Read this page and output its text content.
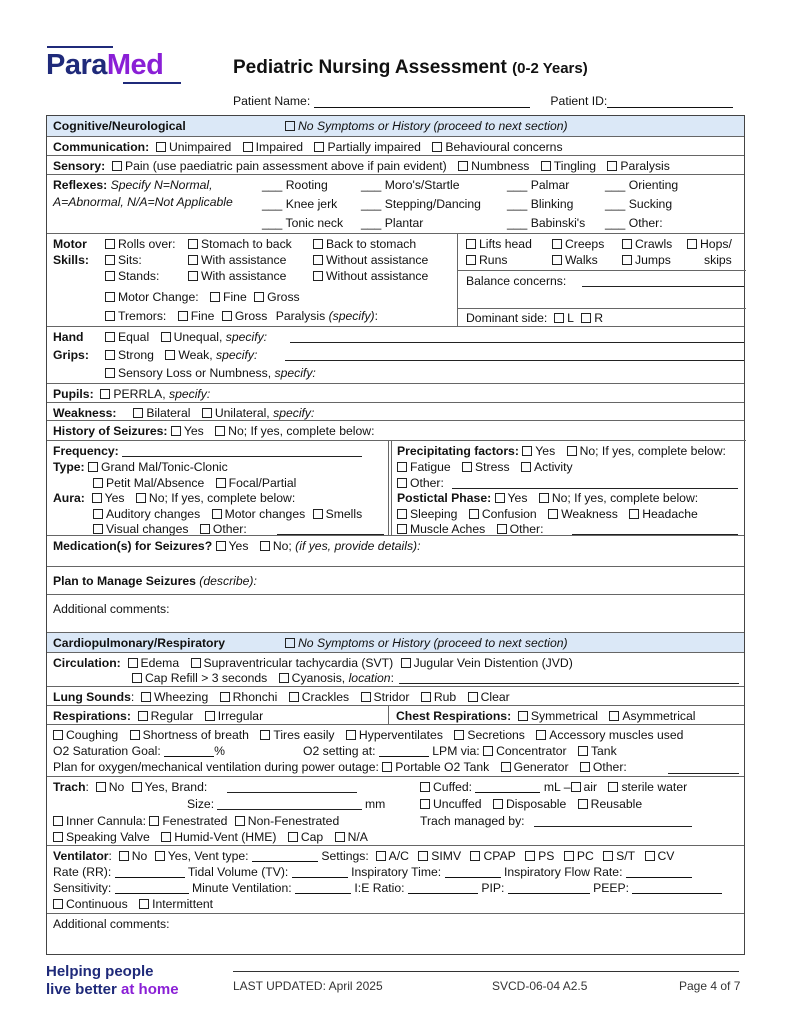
ParaMed	Pediatric Nursing Assessment (0-2 Years)
Patient Name:	Patient ID:
Cognitive/Neurological	No Symptoms or History (proceed to next section)
Communication: Unimpaired Impaired Partially impaired Behavioural concerns
Sensory: Pain (use paediatric pain assessment above if pain evident) Numbness Tingling Paralysis
Reflexes: Specify N=Normal,
A=Abnormal, N/A=Not Applicable
___ Rooting	___ Moro's/Startle	___ Palmar	___ Orienting
___ Knee jerk ___ Stepping/Dancing ___ Blinking	___ Sucking
___ Tonic neck ___ Plantar	___ Babinski's ___ Other:
Motor
Skills:
Rolls over:	Stomach to back	Back to stomach
Sits:	With assistance	Without assistance
Stands:	With assistance	Without assistance
Motor Change: Fine Gross
Tremors: Fine Gross Paralysis (specify):
Lifts head	Creeps	Crawls	Hops/
Runs	Walks	Jumps	skips
Balance concerns:
Dominant side: L R
Hand
Grips:
Equal Unequal, specify:
Strong Weak, specify:
Sensory Loss or Numbness, specify:
Pupils: PERRLA, specify:
Weakness: Bilateral Unilateral, specify:
History of Seizures: Yes No; If yes, complete below:
Frequency:
Type: Grand Mal/Tonic-Clonic
Petit Mal/Absence Focal/Partial
Aura: Yes No; If yes, complete below:
Auditory changes Motor changes Smells
Visual changes Other:
Precipitating factors: Yes No; If yes, complete below:
Fatigue Stress Activity
Other:
Postictal Phase: Yes No; If yes, complete below:
Sleeping Confusion Weakness Headache
Muscle Aches Other:
Medication(s) for Seizures? Yes No; (if yes, provide details):
Plan to Manage Seizures (describe):
Additional comments:
Cardiopulmonary/Respiratory	No Symptoms or History (proceed to next section)
Circulation: Edema Supraventricular tachycardia (SVT) Jugular Vein Distention (JVD)
Cap Refill > 3 seconds Cyanosis, location:
Lung Sounds:  Wheezing Rhonchi Crackles Stridor Rub Clear
Respirations: Regular Irregular	Chest Respirations: Symmetrical Asymmetrical
Coughing Shortness of breath Tires easily Hyperventilates Secretions Accessory muscles used
O2 Saturation Goal:	%	O2 setting at:	LPM via: Concentrator Tank
Plan for oxygen/mechanical ventilation during power outage: Portable O2 Tank Generator Other:
Trach:  No Yes, Brand:
Size:	mm
Cuffed:	mL – air sterile water
Uncuffed Disposable Reusable
Inner Cannula: Fenestrated Non-Fenestrated	Trach managed by:
Speaking Valve Humid-Vent (HME) Cap N/A
Ventilator:  No Yes, Vent type:	Settings: A/C SIMV CPAP PS PC S/T CV
Rate (RR):	Tidal Volume (TV):	Inspiratory Time:	Inspiratory Flow Rate:
Sensitivity:	Minute Ventilation:	I:E Ratio:	PIP:	PEEP:
Continuous Intermittent
Additional comments:
Helping people
live better at home	LAST UPDATED: April 2025	SVCD-06-04 A2.5	Page 4 of 7
